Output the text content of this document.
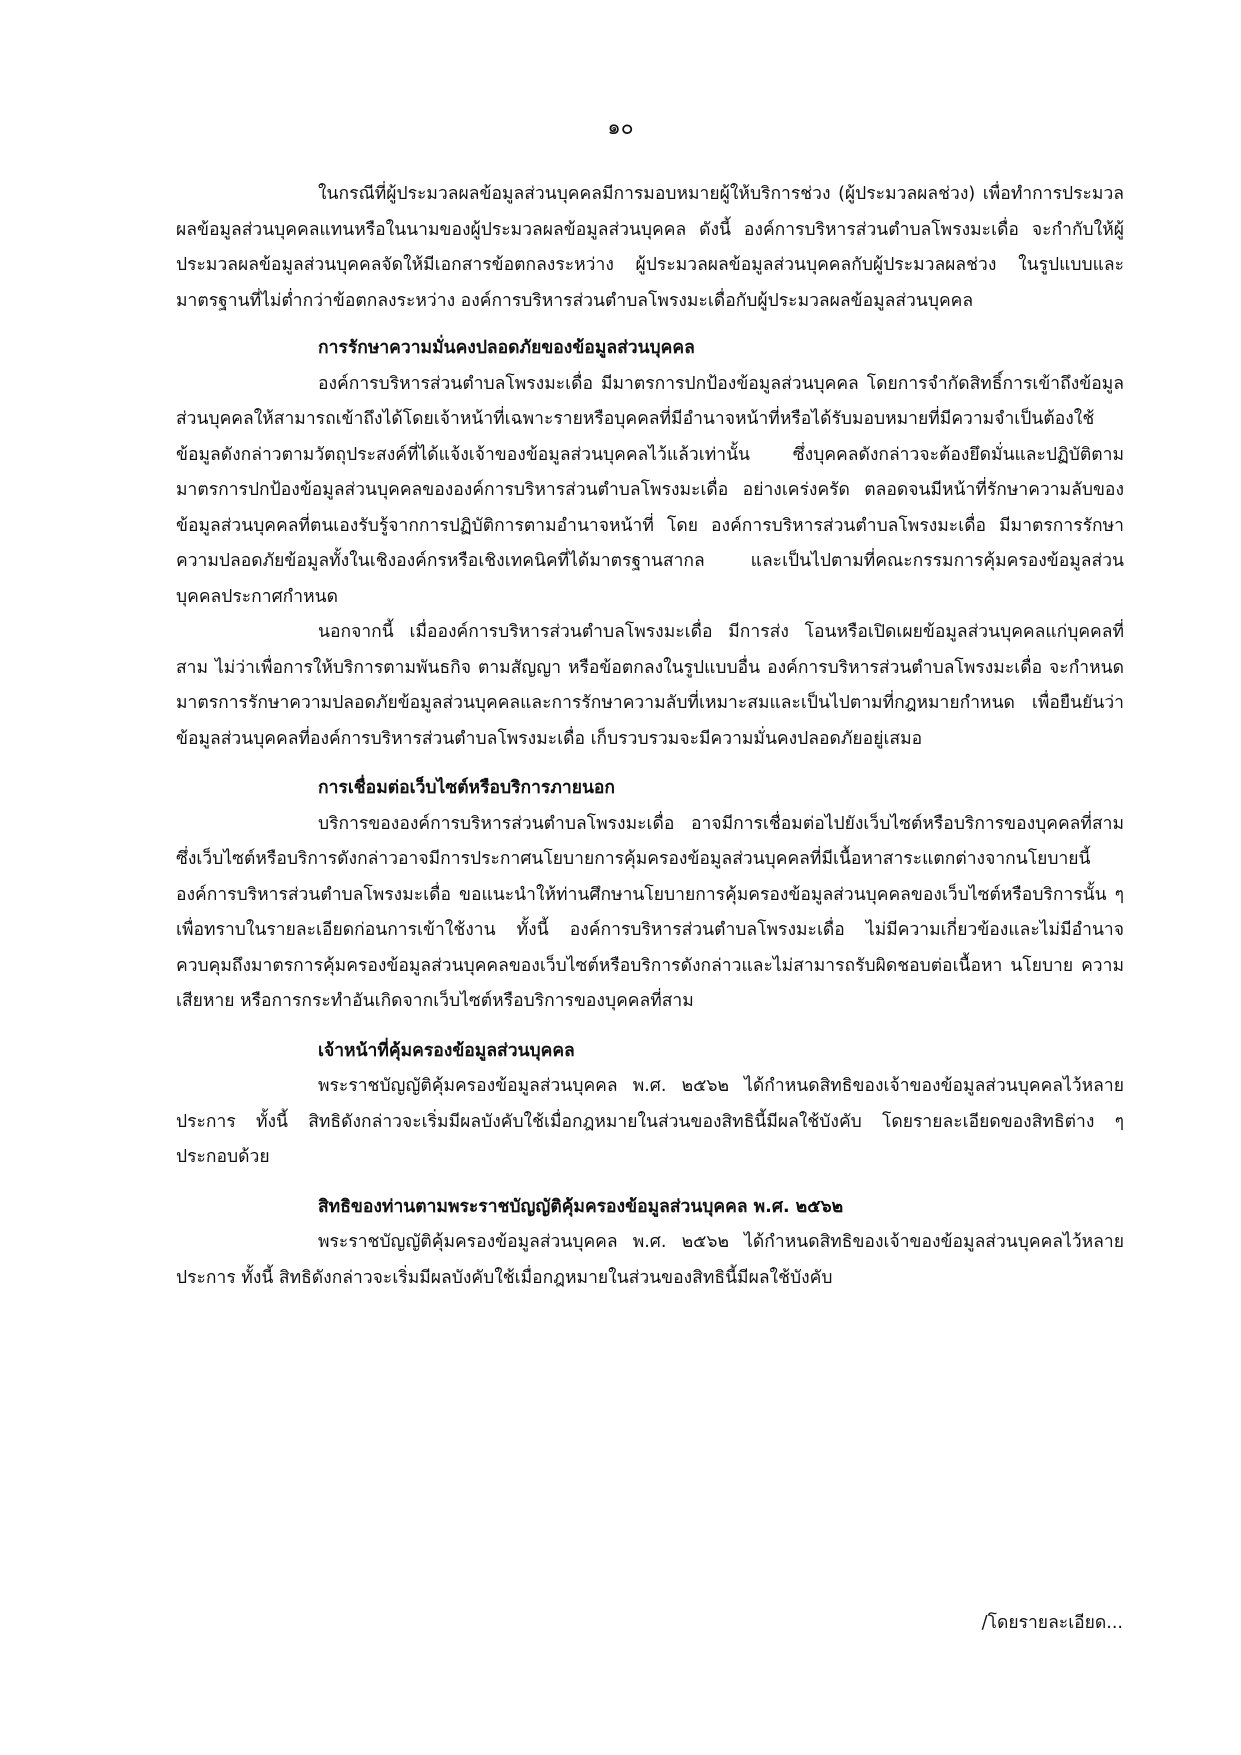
๑๐

ในกรณีที่ผู้ประมวลผลข้อมูลส่วนบุคคลมีการมอบหมายผู้ให้บริการช่วง (ผู้ประมวลผลช่วง) เพื่อทำการประมวลผลข้อมูลส่วนบุคคลแทนหรือในนามของผู้ประมวลผลข้อมูลส่วนบุคคล ดังนี้ องค์การบริหารส่วนตำบลโพรงมะเดื่อ จะกำกับให้ผู้ประมวลผลข้อมูลส่วนบุคคลจัดให้มีเอกสารข้อตกลงระหว่าง ผู้ประมวลผลข้อมูลส่วนบุคคลกับผู้ประมวลผลช่วง ในรูปแบบและมาตรฐานที่ไม่ต่ำกว่าข้อตกลงระหว่าง องค์การบริหารส่วนตำบลโพรงมะเดื่อกับผู้ประมวลผลข้อมูลส่วนบุคคล

การรักษาความมั่นคงปลอดภัยของข้อมูลส่วนบุคคล

องค์การบริหารส่วนตำบลโพรงมะเดื่อ มีมาตรการปกป้องข้อมูลส่วนบุคคล โดยการจำกัดสิทธิ์การเข้าถึงข้อมูลส่วนบุคคลให้สามารถเข้าถึงได้โดยเจ้าหน้าที่เฉพาะรายหรือบุคคลที่มีอำนาจหน้าที่หรือได้รับมอบหมายที่มีความจำเป็นต้องใช้ข้อมูลดังกล่าวตามวัตถุประสงค์ที่ได้แจ้งเจ้าของข้อมูลส่วนบุคคลไว้แล้วเท่านั้น ซึ่งบุคคลดังกล่าวจะต้องยึดมั่นและปฏิบัติตามมาตรการปกป้องข้อมูลส่วนบุคคลขององค์การบริหารส่วนตำบลโพรงมะเดื่อ อย่างเคร่งครัด ตลอดจนมีหน้าที่รักษาความลับของข้อมูลส่วนบุคคลที่ตนเองรับรู้จากการปฏิบัติการตามอำนาจหน้าที่ โดย องค์การบริหารส่วนตำบลโพรงมะเดื่อ มีมาตรการรักษาความปลอดภัยข้อมูลทั้งในเชิงองค์กรหรือเชิงเทคนิคที่ได้มาตรฐานสากล และเป็นไปตามที่คณะกรรมการคุ้มครองข้อมูลส่วนบุคคลประกาศกำหนด

นอกจากนี้ เมื่อองค์การบริหารส่วนตำบลโพรงมะเดื่อ มีการส่ง โอนหรือเปิดเผยข้อมูลส่วนบุคคลแก่บุคคลที่สาม ไม่ว่าเพื่อการให้บริการตามพันธกิจ ตามสัญญา หรือข้อตกลงในรูปแบบอื่น องค์การบริหารส่วนตำบลโพรงมะเดื่อ จะกำหนดมาตรการรักษาความปลอดภัยข้อมูลส่วนบุคคลและการรักษาความลับที่เหมาะสมและเป็นไปตามที่กฎหมายกำหนด เพื่อยืนยันว่าข้อมูลส่วนบุคคลที่องค์การบริหารส่วนตำบลโพรงมะเดื่อ เก็บรวบรวมจะมีความมั่นคงปลอดภัยอยู่เสมอ

การเชื่อมต่อเว็บไซต์หรือบริการภายนอก

บริการขององค์การบริหารส่วนตำบลโพรงมะเดื่อ อาจมีการเชื่อมต่อไปยังเว็บไซต์หรือบริการของบุคคลที่สาม ซึ่งเว็บไซต์หรือบริการดังกล่าวอาจมีการประกาศนโยบายการคุ้มครองข้อมูลส่วนบุคคลที่มีเนื้อหาสาระแตกต่างจากนโยบายนี้ องค์การบริหารส่วนตำบลโพรงมะเดื่อ ขอแนะนำให้ท่านศึกษานโยบายการคุ้มครองข้อมูลส่วนบุคคลของเว็บไซต์หรือบริการนั้น ๆ เพื่อทราบในรายละเอียดก่อนการเข้าใช้งาน ทั้งนี้ องค์การบริหารส่วนตำบลโพรงมะเดื่อ ไม่มีความเกี่ยวข้องและไม่มีอำนาจควบคุมถึงมาตรการคุ้มครองข้อมูลส่วนบุคคลของเว็บไซต์หรือบริการดังกล่าวและไม่สามารถรับผิดชอบต่อเนื้อหา นโยบาย ความเสียหาย หรือการกระทำอันเกิดจากเว็บไซต์หรือบริการของบุคคลที่สาม

เจ้าหน้าที่คุ้มครองข้อมูลส่วนบุคคล

พระราชบัญญัติคุ้มครองข้อมูลส่วนบุคคล พ.ศ. ๒๕๖๒ ได้กำหนดสิทธิของเจ้าของข้อมูลส่วนบุคคลไว้หลายประการ ทั้งนี้ สิทธิดังกล่าวจะเริ่มมีผลบังคับใช้เมื่อกฎหมายในส่วนของสิทธินี้มีผลใช้บังคับ โดยรายละเอียดของสิทธิต่าง ๆ ประกอบด้วย

สิทธิของท่านตามพระราชบัญญัติคุ้มครองข้อมูลส่วนบุคคล พ.ศ. ๒๕๖๒

พระราชบัญญัติคุ้มครองข้อมูลส่วนบุคคล พ.ศ. ๒๕๖๒ ได้กำหนดสิทธิของเจ้าของข้อมูลส่วนบุคคลไว้หลายประการ ทั้งนี้ สิทธิดังกล่าวจะเริ่มมีผลบังคับใช้เมื่อกฎหมายในส่วนของสิทธินี้มีผลใช้บังคับ

/โดยรายละเอียด...
